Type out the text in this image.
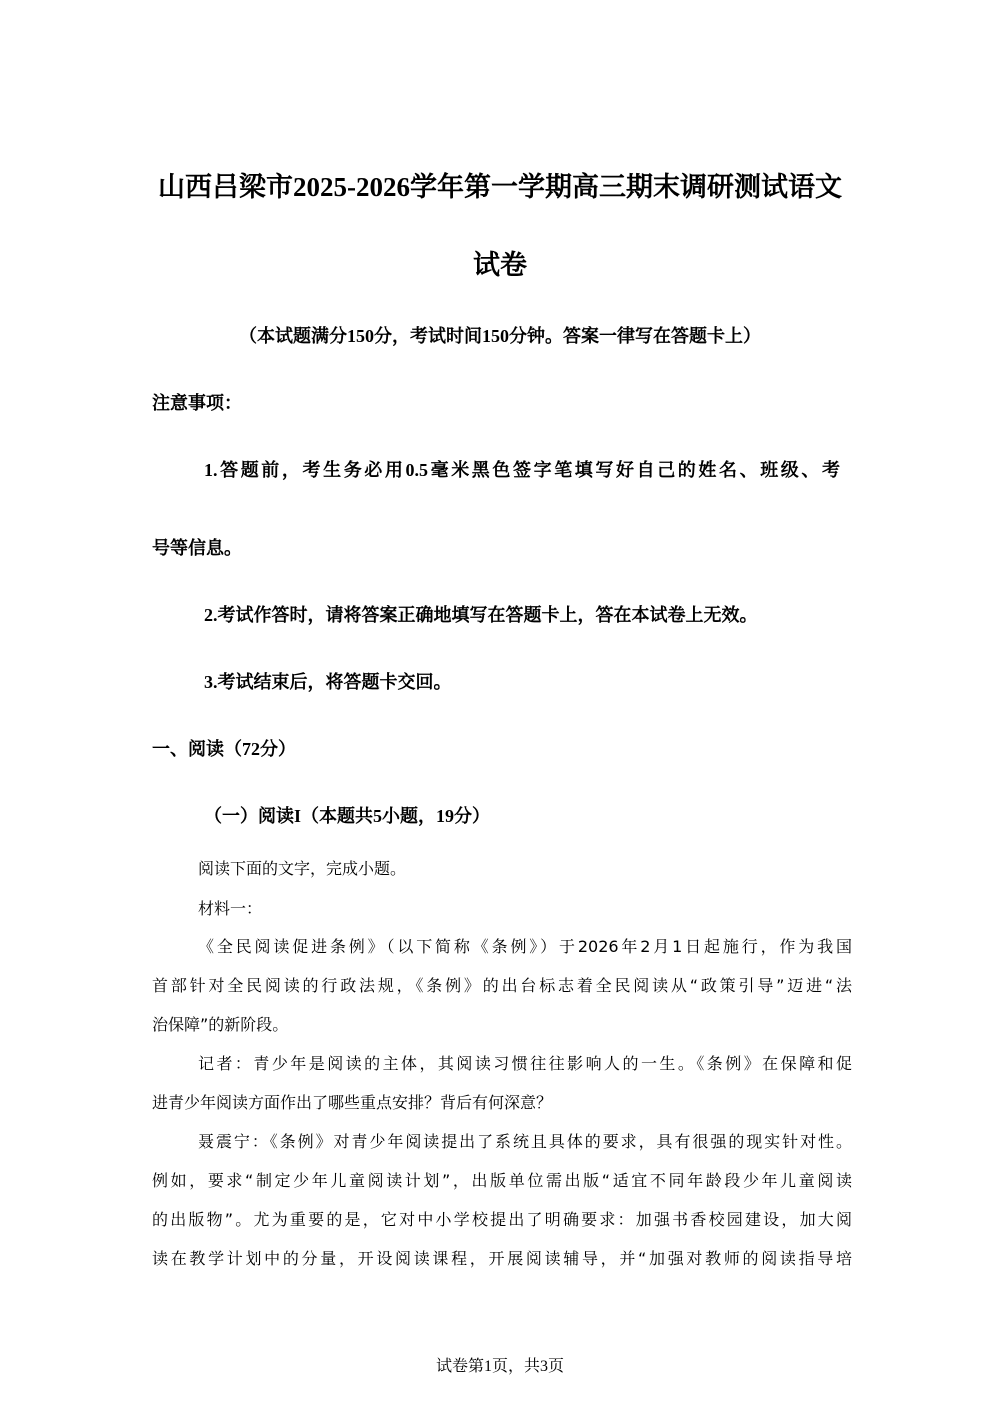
山西吕梁市2025-2026学年第一学期高三期末调研测试语文
试卷
（本试题满分150分，考试时间150分钟。答案一律写在答题卡上）
注意事项：
1.答题前，考生务必用0.5毫米黑色签字笔填写好自己的姓名、班级、考
号等信息。
2.考试作答时，请将答案正确地填写在答题卡上，答在本试卷上无效。
3.考试结束后，将答题卡交回。
一、阅读（72分）
（一）阅读I（本题共5小题，19分）
阅读下面的文字，完成小题。
材料一：
《全民阅读促进条例》（以下简称《条例》）于2026年2月1日起施行，作为我国
首部针对全民阅读的行政法规，《条例》的出台标志着全民阅读从“政策引导”迈进“法
治保障”的新阶段。
记者：青少年是阅读的主体，其阅读习惯往往影响人的一生。《条例》在保障和促
进青少年阅读方面作出了哪些重点安排？背后有何深意？
聂震宁：《条例》对青少年阅读提出了系统且具体的要求，具有很强的现实针对性。
例如，要求“制定少年儿童阅读计划”，出版单位需出版“适宜不同年龄段少年儿童阅读
的出版物”。尤为重要的是，它对中小学校提出了明确要求：加强书香校园建设，加大阅
读在教学计划中的分量，开设阅读课程，开展阅读辅导，并“加强对教师的阅读指导培
试卷第1页，共3页
